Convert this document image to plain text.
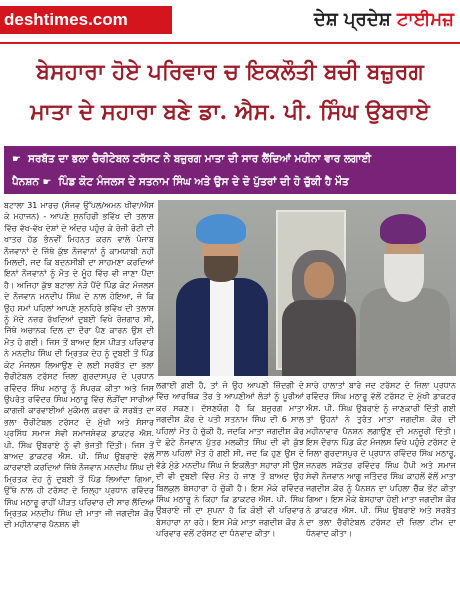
deshtimes.com	ਦੇਸ਼ ਪ੍ਰਦੇਸ਼ ਟਾਈਮਜ਼
ਬੇਸਹਾਰਾ ਹੋਏ ਪਰਿਵਾਰ ਚ ਇਕਲੌਤੀ ਬਚੀ ਬਜ਼ੁਰਗ
ਮਾਤਾ ਦੇ ਸਹਾਰਾ ਬਣੇ ਡਾ. ਐਸ. ਪੀ. ਸਿੰਘ ਉਬਰਾਏ
☛ ਸਰਬੱਤ ਦਾ ਭਲਾ ਚੈਰੀਟੇਬਲ ਟਰੱਸਟ ਨੇ ਬਜ਼ੁਰਗ ਮਾਤਾ ਦੀ ਸਾਰ ਲੈਂਦਿਆਂ ਮਹੀਨਾ ਵਾਰ ਲਗਾਈ
ਪੈਨਸ਼ਨ ☛ ਪਿੰਡ ਕੋਟ ਮੰਜਲਸ ਦੇ ਸਤਨਾਮ ਸਿੰਘ ਅਤੇ ਉਸ ਦੇ ਦੋ ਪੁੱਤਰਾਂ ਦੀ ਹੋ ਚੁੱਕੀ ਹੈ ਮੌਤ
ਬਟਾਲਾ 31 ਮਾਰਚ (ਸੰਜਵ ਉੱਪਲ/ਅਮਨ ਖੀਵਾ/ਐਸ ਕੇ ਮਹਾਜਨ) - ਆਪਣੇ ਸੁਨਹਿਰੀ ਭਵਿੱਖ ਦੀ ਤਲਾਸ਼ ਵਿੱਚ ਵੱਖ-ਵੱਖ ਦੇਸ਼ਾਂ ਦੇ ਅੰਦਰ ਪਹੁੰਚ ਕੇ ਰੋਜ਼ੀ ਰੋਟੀ ਦੀ ਖਾਤਰ ਹੱਡ ਭੰਨਵੀਂ ਮਿਹਨਤ ਕਰਨ ਵਾਲੇ ਪੰਜਾਬ ਨੌਜਵਾਨਾਂ ਦੇ ਜਿੱਥੇ ਕੁੱਝ ਨੌਜਵਾਨਾਂ ਨੂੰ ਕਾਮਯਾਬੀ ਨਹੀਂ ਮਿਲਦੀ, ਜਦ ਕਿ ਬਦਨਸੀਬੀ ਦਾ ਸਾਹਮਣਾ ਕਰਦਿਆਂ ਇਨਾਂ ਨੌਜਵਾਨਾਂ ਨੂੰ ਮੌਤ ਦੇ ਮੂੰਹ ਵਿੱਚ ਵੀ ਜਾਣਾ ਪੈਂਦਾ ਹੈ। ਅਜਿਹਾ ਕੁੱਝ ਬਟਾਲਾ ਨੇੜੇ ਪੈਂਦੇ ਪਿੰਡ ਕੋਟ ਮੰਜਲਸ ਦੇ ਨੌਜਵਾਨ ਮਨਦੀਪ ਸਿੰਘ ਦੇ ਨਾਲ ਹੋਇਆ, ਜੋ ਕਿ ਉਹ ਸਮਾਂ ਪਹਿਲਾਂ ਆਪਣੇ ਸੁਨਹਿਰੇ ਭਵਿੱਖ ਦੀ ਤਲਾਸ਼ ਨੂੰ ਮੱਦੇ ਨਜ਼ਰ ਰੱਖਦਿਆਂ ਦੁਬਈ ਵਿਖੇ ਰੋਜ਼ਗਾਰ ਸੀ, ਜਿੱਥੇ ਅਚਾਨਕ ਦਿਲ ਦਾ ਦੌਰਾ ਪੈਣ ਕਾਰਨ ਉਸ ਦੀ ਮੌਤ ਹੋ ਗਈ। ਜਿਸ ਤੋਂ ਬਾਅਦ ਇਸ ਪੀੜਤ ਪਰਿਵਾਰ ਨੇ ਮਨਦੀਪ ਸਿੰਘ ਦੀ ਮ੍ਰਿਤਕ ਦੇਹ ਨੂੰ ਦੁਬਈ ਤੋਂ ਪਿੰਡ ਕੋਟ ਮੰਜਲਸ ਲਿਆਉਣ ਦੇ ਲਈ ਸਰਬੱਤ ਦਾ ਭਲਾ ਚੈਰੀਟੇਬਲ ਟਰੱਸਟ ਜ਼ਿਲਾ ਗੁਰਦਾਸਪੁਰ ਦੇ ਪ੍ਰਧਾਨ ਰਵਿੰਦਰ ਸਿੰਘ ਮਠਾਰੂ ਨੂੰ ਸੰਪਰਕ ਕੀਤਾ ਅਤੇ ਜਿਸ ਉਪਰੰਤ ਰਵਿੰਦਰ ਸਿੰਘ ਮਠਾਰੂ ਵਿੱਚ ਲੋੜੀਂਦਾ ਸਾਰੀਆਂ ਕਾਗਜ਼ੀ ਕਾਰਵਾਈਆਂ ਮੁਕੰਮਲ ਕਰਵਾ ਕੇ ਸਰਬੱਤ ਦਾ ਭਲਾ ਚੈਰੀਟੇਬਲ ਟਰੱਸਟ ਦੇ ਮੁੱਖੀ ਅਤੇ ਸੰਸਾਰ ਪ੍ਰਸਿੱਧ ਸਮਾਜ ਸੇਵੀ ਸਮਾਜਸੇਵਕ ਡਾਕਟਰ ਐਸ. ਪੀ. ਸਿੰਘ ਉਬਰਾਏ ਨੂੰ ਵੀ ਭੇਜਤੀ ਦਿੱਤੀ। ਜਿਸ ਤੋਂ ਬਾਅਦ ਡਾਕਟਰ ਐਸ. ਪੀ. ਸਿੰਘ ਉਬਰਾਏ ਵੱਲੋਂ ਕਾਰਵਾਈ ਕਰਦਿਆਂ ਜਿੱਥੇ ਨੌਜਵਾਨ ਮਨਦੀਪ ਸਿੰਘ ਦੀ ਮ੍ਰਿਤਕ ਦੇਹ ਨੂੰ ਦੁਬਈ ਤੋਂ ਪਿੰਡ ਲਿਆਂਦਾ ਗਿਆ, ਉੱਥੇ ਨਾਲ ਹੀ ਟਰੱਸਟ ਦੇ ਜ਼ਿਲ੍ਹਾ ਪ੍ਰਧਾਨ ਰਵਿੰਦਰ ਸਿੰਘ ਮਠਾਰੂ ਰਾਹੀਂ ਪੀੜਤ ਪਰਿਵਾਰ ਦੀ ਸਾਰ ਲੈਂਦਿਆਂ ਮ੍ਰਿਤਕ ਮਨਦੀਪ ਸਿੰਘ ਦੀ ਮਾਤਾ ਜੀ ਜਗਦੀਸ਼ ਕੌਰ ਦੀ ਮਹੀਨਾਵਾਰ ਪੈਨਸ਼ਨ ਵੀ
ਲਗਾਈ ਗਈ ਹੈ, ਤਾਂ ਜੋ ਉਹ ਆਪਣੀ ਜ਼ਿੰਦਗੀ ਦੇ ਵਿੱਚ ਆਰਥਿਕ ਤੌਰ ਤੇ ਆਪਣੀਆਂ ਲੋੜਾਂ ਨੂੰ ਪੂਰੀਆਂ ਕਰ ਸਕਣ। ਦੱਸਣਯੋਗ ਹੈ ਕਿ ਬਜ਼ੁਰਗ ਮਾਤਾ ਜਗਦੀਸ਼ ਕੌਰ ਦੇ ਪਤੀ ਸਤਨਾਮ ਸਿੰਘ ਦੀ 6 ਸਾਲ ਪਹਿਲਾਂ ਮੌਤ ਹੋ ਚੁੱਕੀ ਹੈ, ਜਦਕਿ ਮਾਤਾ ਜਗਦੀਸ਼ ਕੌਰ ਦੇ ਛੋਟੇ ਨੌਜਵਾਨ ਪੁੱਤਰ ਮਲਕੀਤ ਸਿੰਘ ਦੀ ਵੀ ਕੁੱਝ ਸਾਲ ਪਹਿਲਾਂ ਮੌਤ ਹੋ ਗਈ ਸੀ, ਜਦ ਕਿ ਹੁਣ ਉਸ ਦੇ ਵੱਡੇ ਮੁੰਡੇ ਮਨਦੀਪ ਸਿੰਘ ਜੋ ਇਕਲੌਤਾ ਸਹਾਰਾ ਸੀ ਉਸ ਦੀ ਵੀ ਦੁਬਈ ਵਿੱਚ ਮੌਤ ਹੋ ਜਾਣ ਤੋਂ ਬਾਅਦ ਉਹ ਬਿਲਕੁਲ ਬੇਸਹਾਰਾ ਹੋ ਚੁੱਕੀ ਹੈ। ਇਸ ਮੌਕੇ ਰਵਿੰਦਰ ਸਿੰਘ ਮਠਾਰੂ ਨੇ ਕਿਹਾ ਕਿ ਡਾਕਟਰ ਐਸ. ਪੀ. ਸਿੰਘ ਉਬਰਾਏ ਜੀ ਦਾ ਸੁਪਨਾ ਹੈ ਕਿ ਕੋਈ ਵੀ ਪਰਿਵਾਰ ਬੇਸਹਾਰਾ ਨਾ ਰਹੇ। ਇਸ ਮੌਕੇ ਮਾਤਾ ਜਗਦੀਸ਼ ਕੌਰ ਨੇ ਪਰਿਵਾਰ ਵਲੋਂ ਟਰੱਸਟ ਦਾ ਧੰਨਵਾਦ ਕੀਤਾ।
ਸਾਰੇ ਹਾਲਾਤਾਂ ਬਾਰੇ ਜਦ ਟਰੱਸਟ ਦੇ ਜ਼ਿਲਾ ਪ੍ਰਧਾਨ ਰਵਿੰਦਰ ਸਿੰਘ ਮਠਾਰੂ ਵੱਲੋਂ ਟਰੱਸਟ ਦੇ ਮੁੱਖੀ ਡਾਕਟਰ ਐਸ. ਪੀ. ਸਿੰਘ ਉਬਰਾਏ ਨੂੰ ਜਾਣਕਾਰੀ ਦਿੱਤੀ ਗਈ ਤਾਂ ਉਹਨਾਂ ਨੇ ਤੁਰੰਤ ਮਾਤਾ ਜਗਦੀਸ਼ ਕੌਰ ਦੀ ਮਹੀਨਾਵਾਰ ਪੈਨਸ਼ਨ ਲਗਾਉਣ ਦੀ ਮਨਜ਼ੂਰੀ ਦਿੱਤੀ। ਇਸ ਦੌਰਾਨ ਪਿੰਡ ਕੋਟ ਮੰਜਲਸ ਵਿਖੇ ਪਹੁੰਚੇ ਟਰੱਸਟ ਦੇ ਜ਼ਿਲਾ ਗੁਰਦਾਸਪੁਰ ਦੇ ਪ੍ਰਧਾਨ ਰਵਿੰਦਰ ਸਿੰਘ ਮਠਾਰੂ, ਜਨਰਲ ਸਕੱਤਰ ਰਵਿੰਦਰ ਸਿੰਘ ਹੈਪੀ ਅਤੇ ਸਮਾਜ ਸੇਵੀ ਨੌਜਵਾਨ ਆਗੂ ਜਤਿੰਦਰ ਸਿੰਘ ਕਾਹਲੋਂ ਵੱਲੋਂ ਮਾਤਾ ਜਗਦੀਸ਼ ਕੌਰ ਨੂੰ ਪੈਨਸ਼ਨ ਦਾ ਪਹਿਲਾ ਚੈੱਕ ਭੇਂਟ ਕੀਤਾ ਗਿਆ। ਇਸ ਮੌਕੇ ਬੇਸਹਾਰਾ ਹੋਈ ਮਾਤਾ ਜਗਦੀਸ਼ ਕੌਰ ਨੇ ਡਾਕਟਰ ਐਸ. ਪੀ. ਸਿੰਘ ਉਬਰਾਏ ਅਤੇ ਸਰਬੱਤ ਦਾ ਭਲਾ ਚੈਰੀਟੇਬਲ ਟਰੱਸਟ ਦੀ ਜ਼ਿਲਾ ਟੀਮ ਦਾ ਧੰਨਵਾਦ ਕੀਤਾ।
